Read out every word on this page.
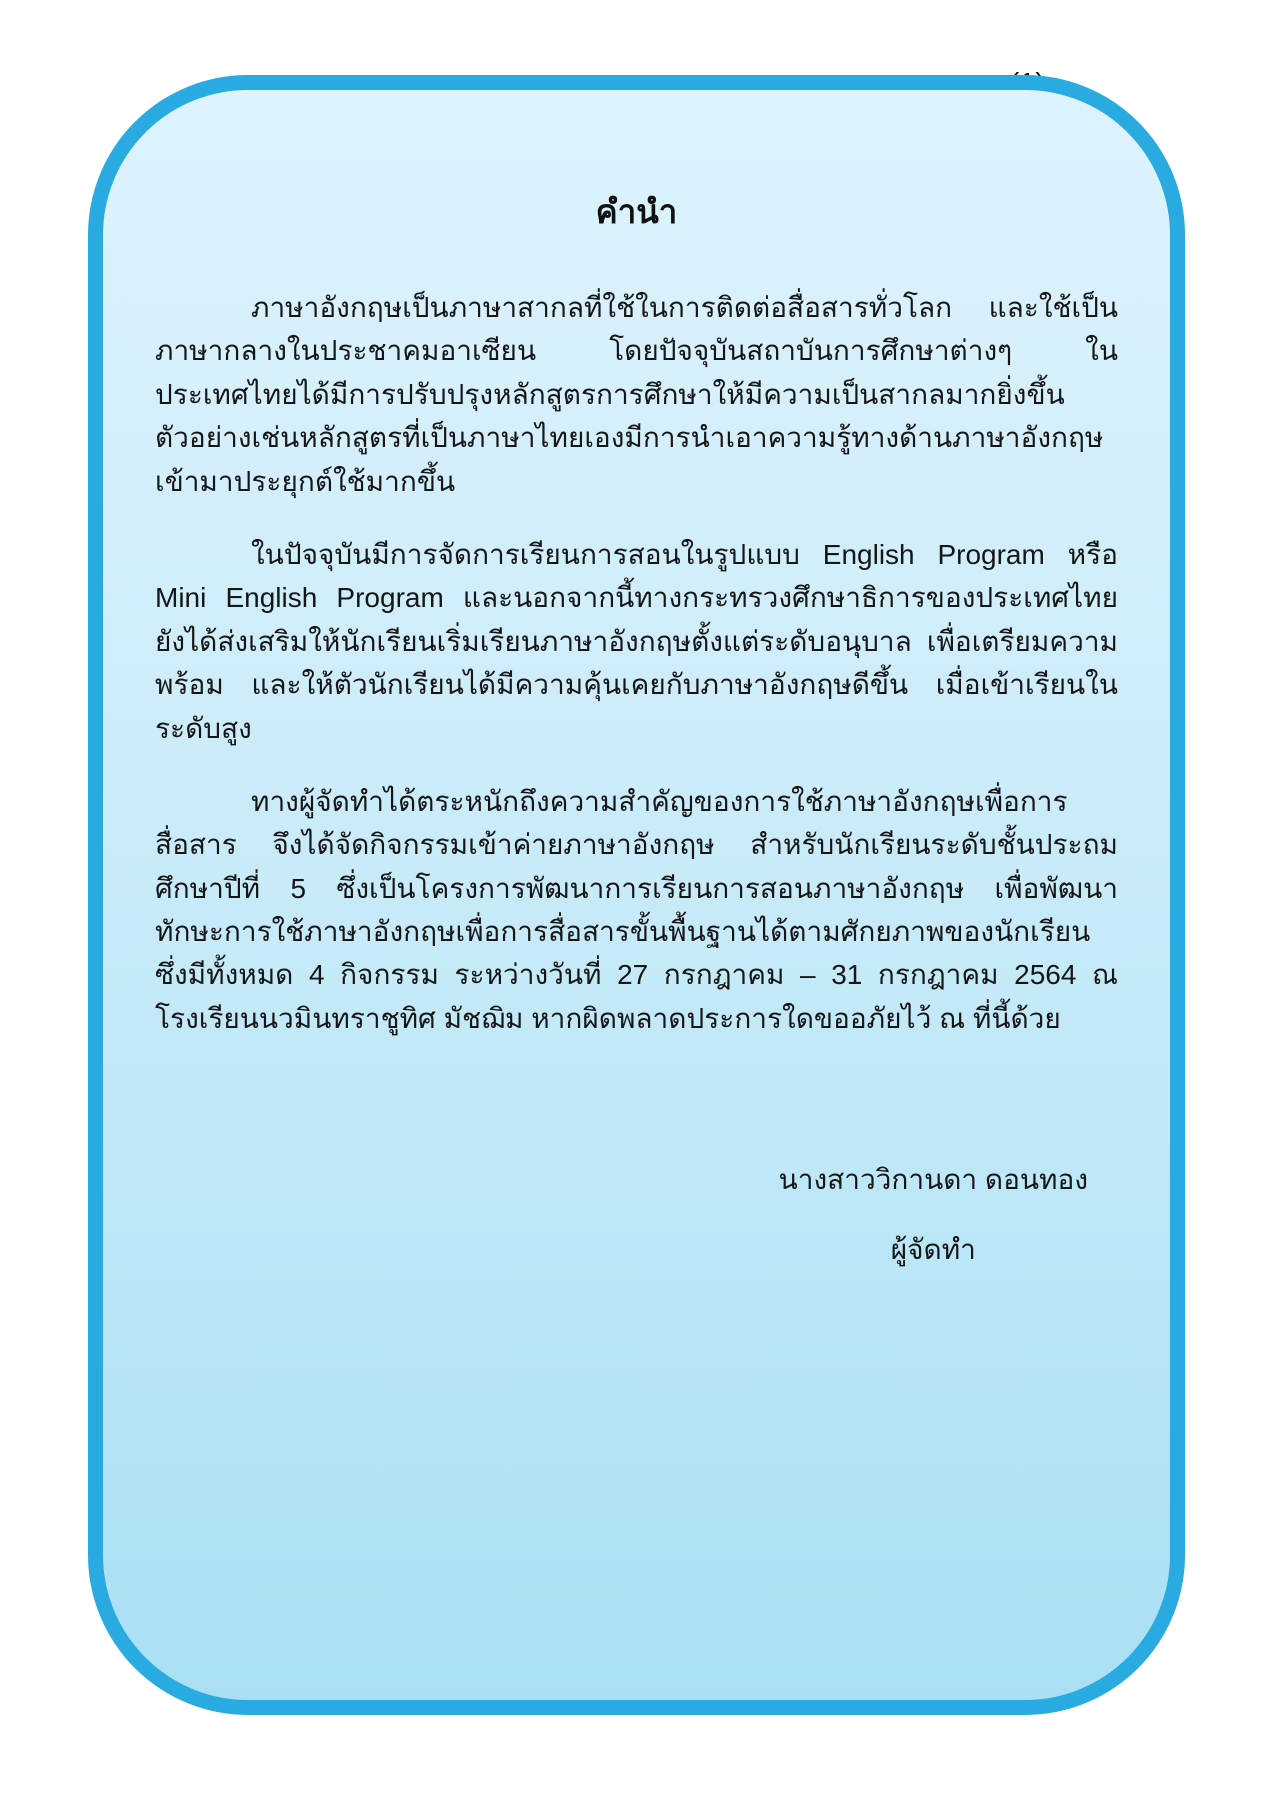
คำนำ

ภาษาอังกฤษเป็นภาษาสากลที่ใช้ในการติดต่อสื่อสารทั่วโลก และใช้เป็นภาษากลางในประชาคมอาเซียน โดยปัจจุบันสถาบันการศึกษาต่างๆ ในประเทศไทยได้มีการปรับปรุงหลักสูตรการศึกษาให้มีความเป็นสากลมากยิ่งขึ้น ตัวอย่างเช่นหลักสูตรที่เป็นภาษาไทยเองมีการนำเอาความรู้ทางด้านภาษาอังกฤษเข้ามาประยุกต์ใช้มากขึ้น

ในปัจจุบันมีการจัดการเรียนการสอนในรูปแบบ English Program หรือ Mini English Program และนอกจากนี้ทางกระทรวงศึกษาธิการของประเทศไทย ยังได้ส่งเสริมให้นักเรียนเริ่มเรียนภาษาอังกฤษตั้งแต่ระดับอนุบาล เพื่อเตรียมความพร้อม และให้ตัวนักเรียนได้มีความคุ้นเคยกับภาษาอังกฤษดีขึ้น เมื่อเข้าเรียนในระดับสูง

ทางผู้จัดทำได้ตระหนักถึงความสำคัญของการใช้ภาษาอังกฤษเพื่อการสื่อสาร จึงได้จัดกิจกรรมเข้าค่ายภาษาอังกฤษ สำหรับนักเรียนระดับชั้นประถมศึกษาปีที่ 5 ซึ่งเป็นโครงการพัฒนาการเรียนการสอนภาษาอังกฤษ เพื่อพัฒนาทักษะการใช้ภาษาอังกฤษเพื่อการสื่อสารขั้นพื้นฐานได้ตามศักยภาพของนักเรียน ซึ่งมีทั้งหมด 4 กิจกรรม ระหว่างวันที่ 27 กรกฎาคม – 31 กรกฎาคม 2564 ณ โรงเรียนนวมินทราชูทิศ มัชฌิม หากผิดพลาดประการใดขออภัยไว้ ณ ที่นี้ด้วย

นางสาววิกานดา ดอนทอง
ผู้จัดทำ
